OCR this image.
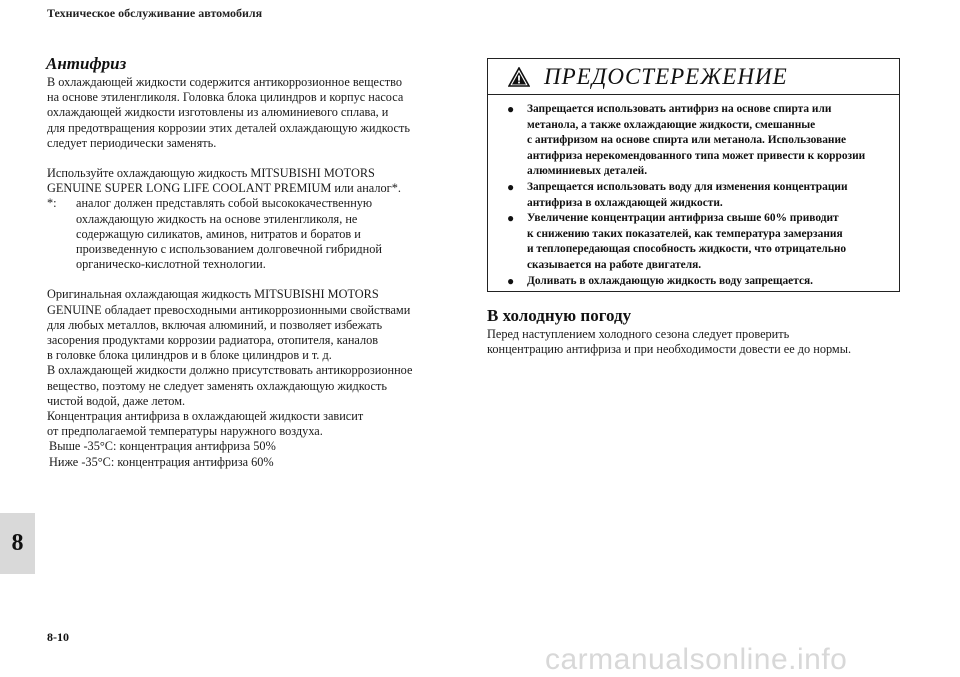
Техническое обслуживание автомобиля
Антифриз
В охлаждающей жидкости содержится антикоррозионное вещество
на основе этиленгликоля. Головка блока цилиндров и корпус насоса
охлаждающей жидкости изготовлены из алюминиевого сплава, и
для предотвращения коррозии этих деталей охлаждающую жидкость
следует периодически заменять.
Используйте охлаждающую жидкость MITSUBISHI MOTORS
GENUINE SUPER LONG LIFE COOLANT PREMIUM или аналог*.
*:	аналог должен представлять собой высококачественную
охлаждающую жидкость на основе этиленгликоля, не
содержащую силикатов, аминов, нитратов и боратов и
произведенную с использованием долговечной гибридной
органическо-кислотной технологии.
Оригинальная охлаждающая жидкость MITSUBISHI MOTORS
GENUINE обладает превосходными антикоррозионными свойствами
для любых металлов, включая алюминий, и позволяет избежать
засорения продуктами коррозии радиатора, отопителя, каналов
в головке блока цилиндров и в блоке цилиндров и т. д.
В охлаждающей жидкости должно присутствовать антикоррозионное
вещество, поэтому не следует заменять охлаждающую жидкость
чистой водой, даже летом.
Концентрация антифриза в охлаждающей жидкости зависит
от предполагаемой температуры наружного воздуха.
Выше -35°C: концентрация антифриза 50%
Ниже -35°C: концентрация антифриза 60%
ПРЕДОСТЕРЕЖЕНИЕ
●	Запрещается использовать антифриз на основе спирта или
метанола, а также охлаждающие жидкости, смешанные
с антифризом на основе спирта или метанола. Использование
антифриза нерекомендованного типа может привести к коррозии
алюминиевых деталей.
●	Запрещается использовать воду для изменения концентрации
антифриза в охлаждающей жидкости.
●	Увеличение концентрации антифриза свыше 60% приводит
к снижению таких показателей, как температура замерзания
и теплопередающая способность жидкости, что отрицательно
сказывается на работе двигателя.
●	Доливать в охлаждающую жидкость воду запрещается.
В холодную погоду
Перед наступлением холодного сезона следует проверить
концентрацию антифриза и при необходимости довести ее до нормы.
8
8-10
carmanualsonline.info
